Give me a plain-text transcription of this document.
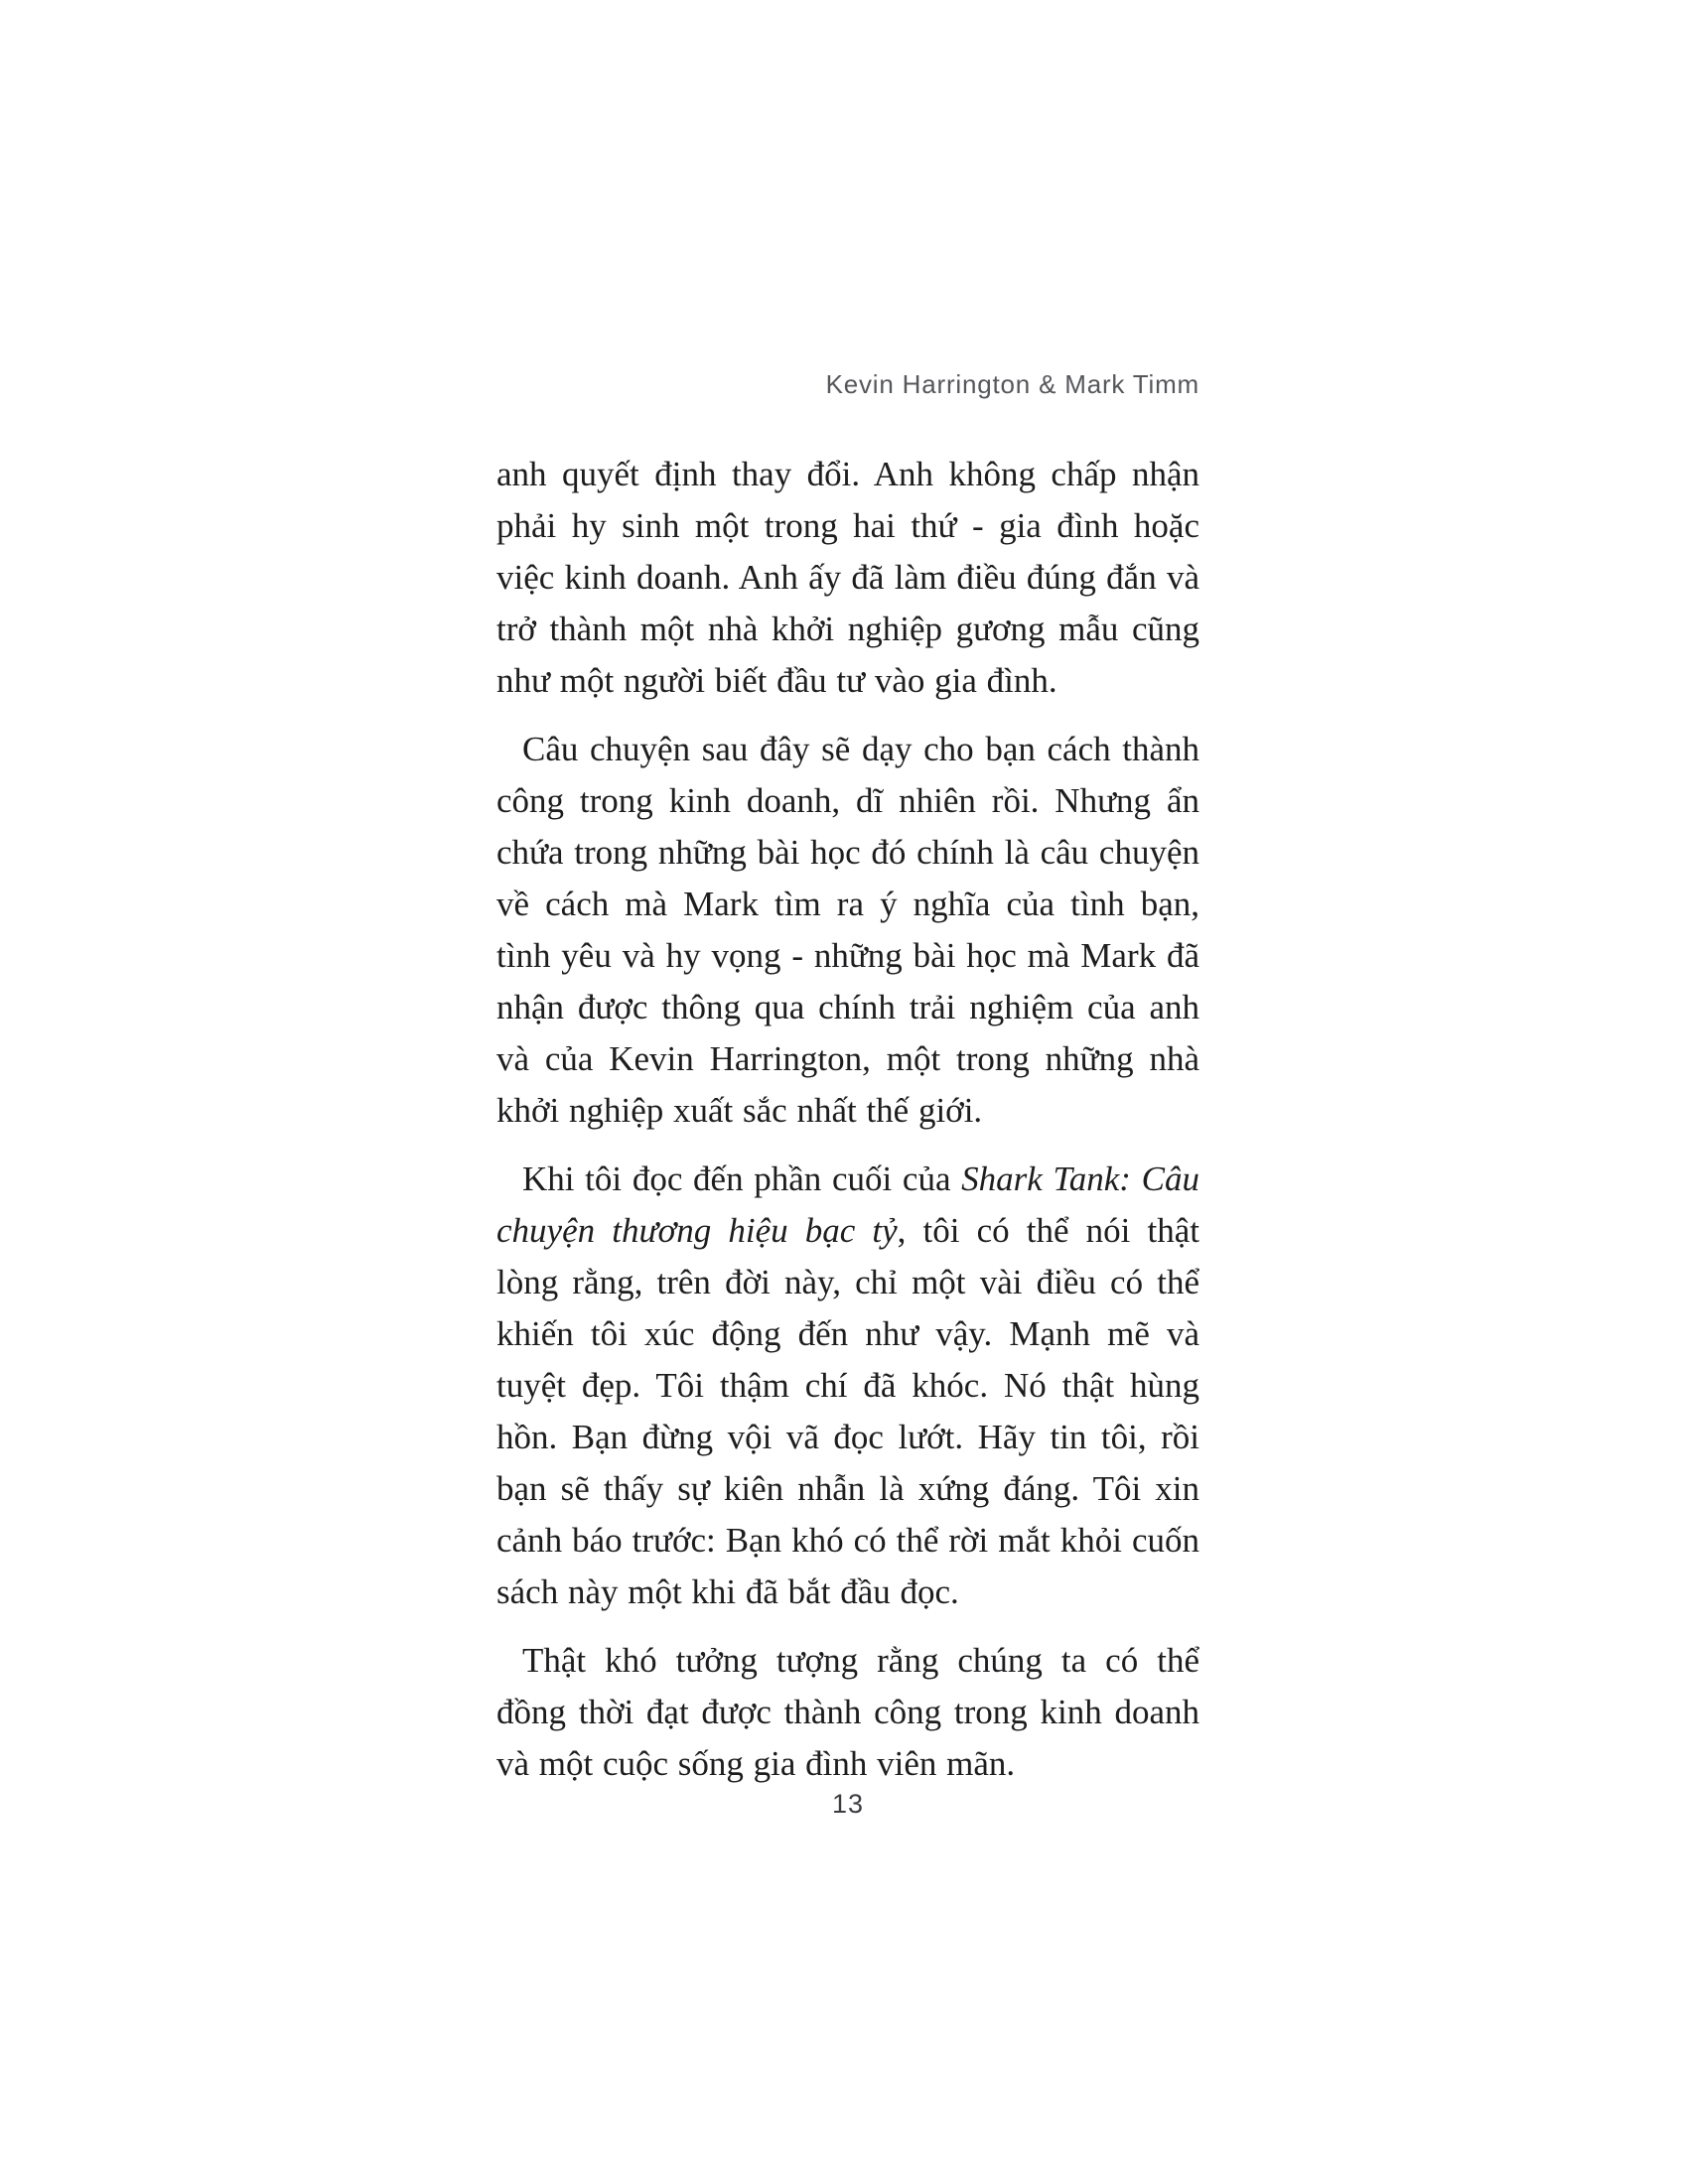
Kevin Harrington & Mark Timm

anh quyết định thay đổi. Anh không chấp nhận phải hy sinh một trong hai thứ - gia đình hoặc việc kinh doanh. Anh ấy đã làm điều đúng đắn và trở thành một nhà khởi nghiệp gương mẫu cũng như một người biết đầu tư vào gia đình.

Câu chuyện sau đây sẽ dạy cho bạn cách thành công trong kinh doanh, dĩ nhiên rồi. Nhưng ẩn chứa trong những bài học đó chính là câu chuyện về cách mà Mark tìm ra ý nghĩa của tình bạn, tình yêu và hy vọng - những bài học mà Mark đã nhận được thông qua chính trải nghiệm của anh và của Kevin Harrington, một trong những nhà khởi nghiệp xuất sắc nhất thế giới.

Khi tôi đọc đến phần cuối của Shark Tank: Câu chuyện thương hiệu bạc tỷ, tôi có thể nói thật lòng rằng, trên đời này, chỉ một vài điều có thể khiến tôi xúc động đến như vậy. Mạnh mẽ và tuyệt đẹp. Tôi thậm chí đã khóc. Nó thật hùng hồn. Bạn đừng vội vã đọc lướt. Hãy tin tôi, rồi bạn sẽ thấy sự kiên nhẫn là xứng đáng. Tôi xin cảnh báo trước: Bạn khó có thể rời mắt khỏi cuốn sách này một khi đã bắt đầu đọc.

Thật khó tưởng tượng rằng chúng ta có thể đồng thời đạt được thành công trong kinh doanh và một cuộc sống gia đình viên mãn.

13
